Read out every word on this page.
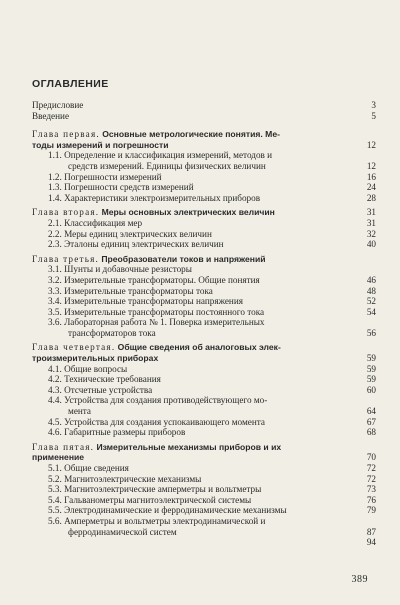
ОГЛАВЛЕНИЕ
Предисловие	3
Введение	5
Глава первая. Основные метрологические понятия. Ме-
тоды измерений и погрешности	12
1.1. Определение и классификация измерений, методов и
средств измерений. Единицы физических величин	12
1.2. Погрешности измерений	16
1.3. Погрешности средств измерений	24
1.4. Характеристики электроизмерительных приборов	28
Глава вторая. Меры основных электрических величин	31
2.1. Классификация мер	31
2.2. Меры единиц электрических величин	32
2.3. Эталоны единиц электрических величин	40
Глава третья. Преобразователи токов и напряжений
3.1. Шунты и добавочные резисторы
3.2. Измерительные трансформаторы. Общие понятия	46
3.3. Измерительные трансформаторы тока	48
3.4. Измерительные трансформаторы напряжения	52
3.5. Измерительные трансформаторы постоянного тока	54
3.6. Лабораторная работа № 1. Поверка измерительных
трансформаторов тока	56
Глава четвертая. Общие сведения об аналоговых элек-
троизмерительных приборах	59
4.1. Общие вопросы	59
4.2. Технические требования	59
4.3. Отсчетные устройства	60
4.4. Устройства для создания противодействующего мо-
мента	64
4.5. Устройства для создания успокаивающего момента	67
4.6. Габаритные размеры приборов	68
Глава пятая. Измерительные механизмы приборов и их
применение	70
5.1. Общие сведения	72
5.2. Магнитоэлектрические механизмы	72
5.3. Магнитоэлектрические амперметры и вольтметры	73
5.4. Гальванометры магнитоэлектрической системы	76
5.5. Электродинамические и ферродинамические механизмы	79
5.6. Амперметры и вольтметры электродинамической и
ферродинамической систем	87

94
389
